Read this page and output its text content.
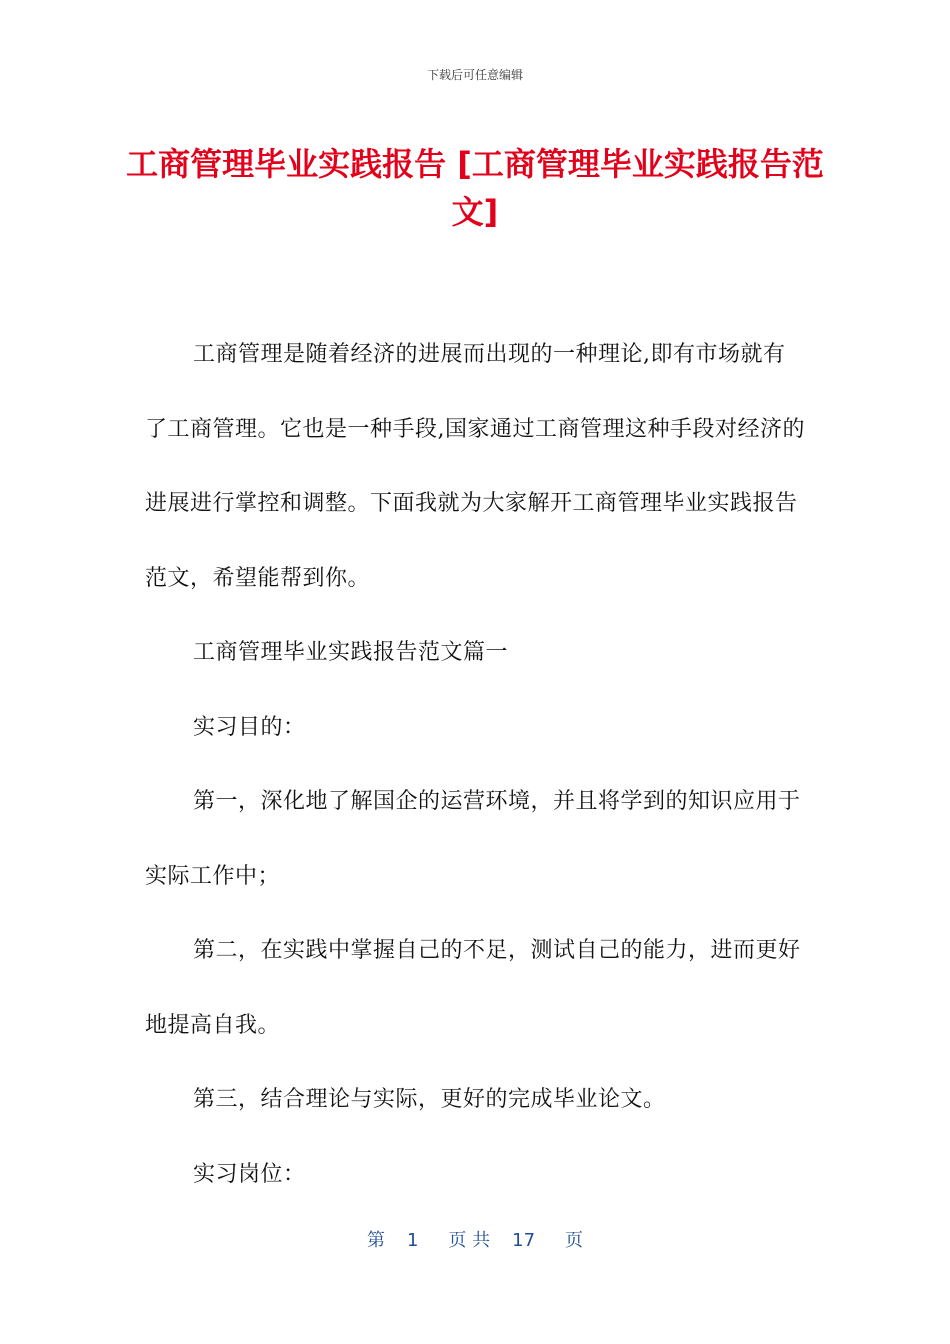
下载后可任意编辑
工商管理毕业实践报告 [工商管理毕业实践报告范文]

工商管理是随着经济的进展而出现的一种理论,即有市场就有了工商管理。它也是一种手段,国家通过工商管理这种手段对经济的进展进行掌控和调整。下面我就为大家解开工商管理毕业实践报告范文，希望能帮到你。

工商管理毕业实践报告范文篇一

实习目的：

第一，深化地了解国企的运营环境，并且将学到的知识应用于实际工作中；

第二，在实践中掌握自己的不足，测试自己的能力，进而更好地提高自我。

第三，结合理论与实际，更好的完成毕业论文。

实习岗位：

第 1 页 共 17 页
